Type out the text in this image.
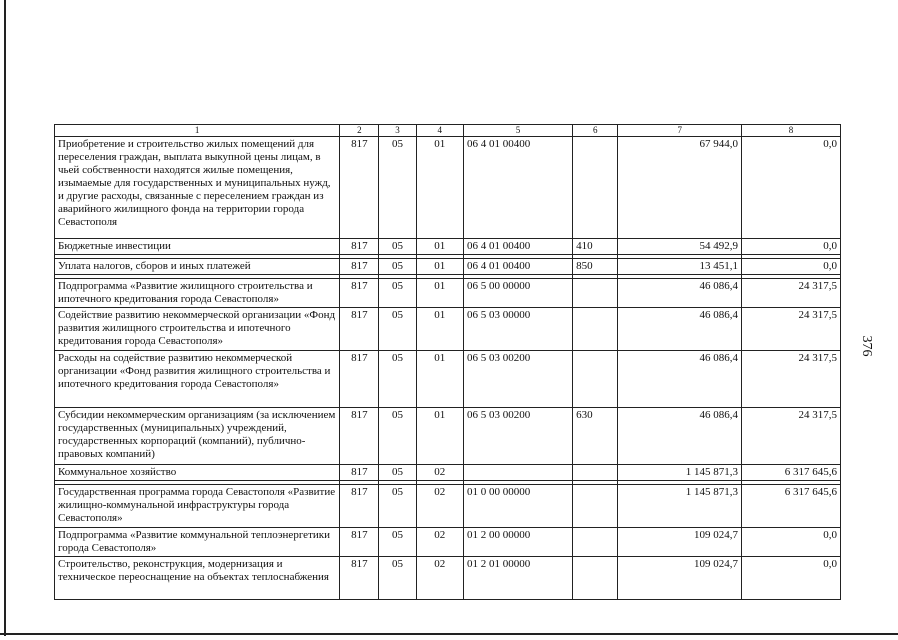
376
1	2	3	4	5	6	7	8
Приобретение и строительство жилых помещений для переселения граждан, выплата выкупной цены лицам, в чьей собственности находятся жилые помещения, изымаемые для государственных и муниципальных нужд, и другие расходы, связанные с переселением граждан из аварийного жилищного фонда на территории города Севастополя	817	05	01	06 4 01 00400		67 944,0	0,0
Бюджетные инвестиции	817	05	01	06 4 01 00400	410	54 492,9	0,0

Уплата налогов, сборов и иных платежей	817	05	01	06 4 01 00400	850	13 451,1	0,0

Подпрограмма «Развитие жилищного строительства и ипотечного кредитования города Севастополя»	817	05	01	06 5 00 00000		46 086,4	24 317,5
Содействие развитию некоммерческой организации «Фонд развития жилищного строительства и ипотечного кредитования города Севастополя»	817	05	01	06 5 03 00000		46 086,4	24 317,5
Расходы на содействие развитию некоммерческой организации «Фонд развития жилищного строительства и ипотечного кредитования города Севастополя»	817	05	01	06 5 03 00200		46 086,4	24 317,5
Субсидии некоммерческим организациям (за исключением государственных (муниципальных) учреждений, государственных корпораций (компаний), публично-правовых компаний)	817	05	01	06 5 03 00200	630	46 086,4	24 317,5
Коммунальное хозяйство	817	05	02			1 145 871,3	6 317 645,6

Государственная программа города Севастополя «Развитие жилищно-коммунальной инфраструктуры города Севастополя»	817	05	02	01 0 00 00000		1 145 871,3	6 317 645,6
Подпрограмма «Развитие коммунальной теплоэнергетики города Севастополя»	817	05	02	01 2 00 00000		109 024,7	0,0
Строительство, реконструкция, модернизация и техническое переоснащение на объектах теплоснабжения	817	05	02	01 2 01 00000		109 024,7	0,0
